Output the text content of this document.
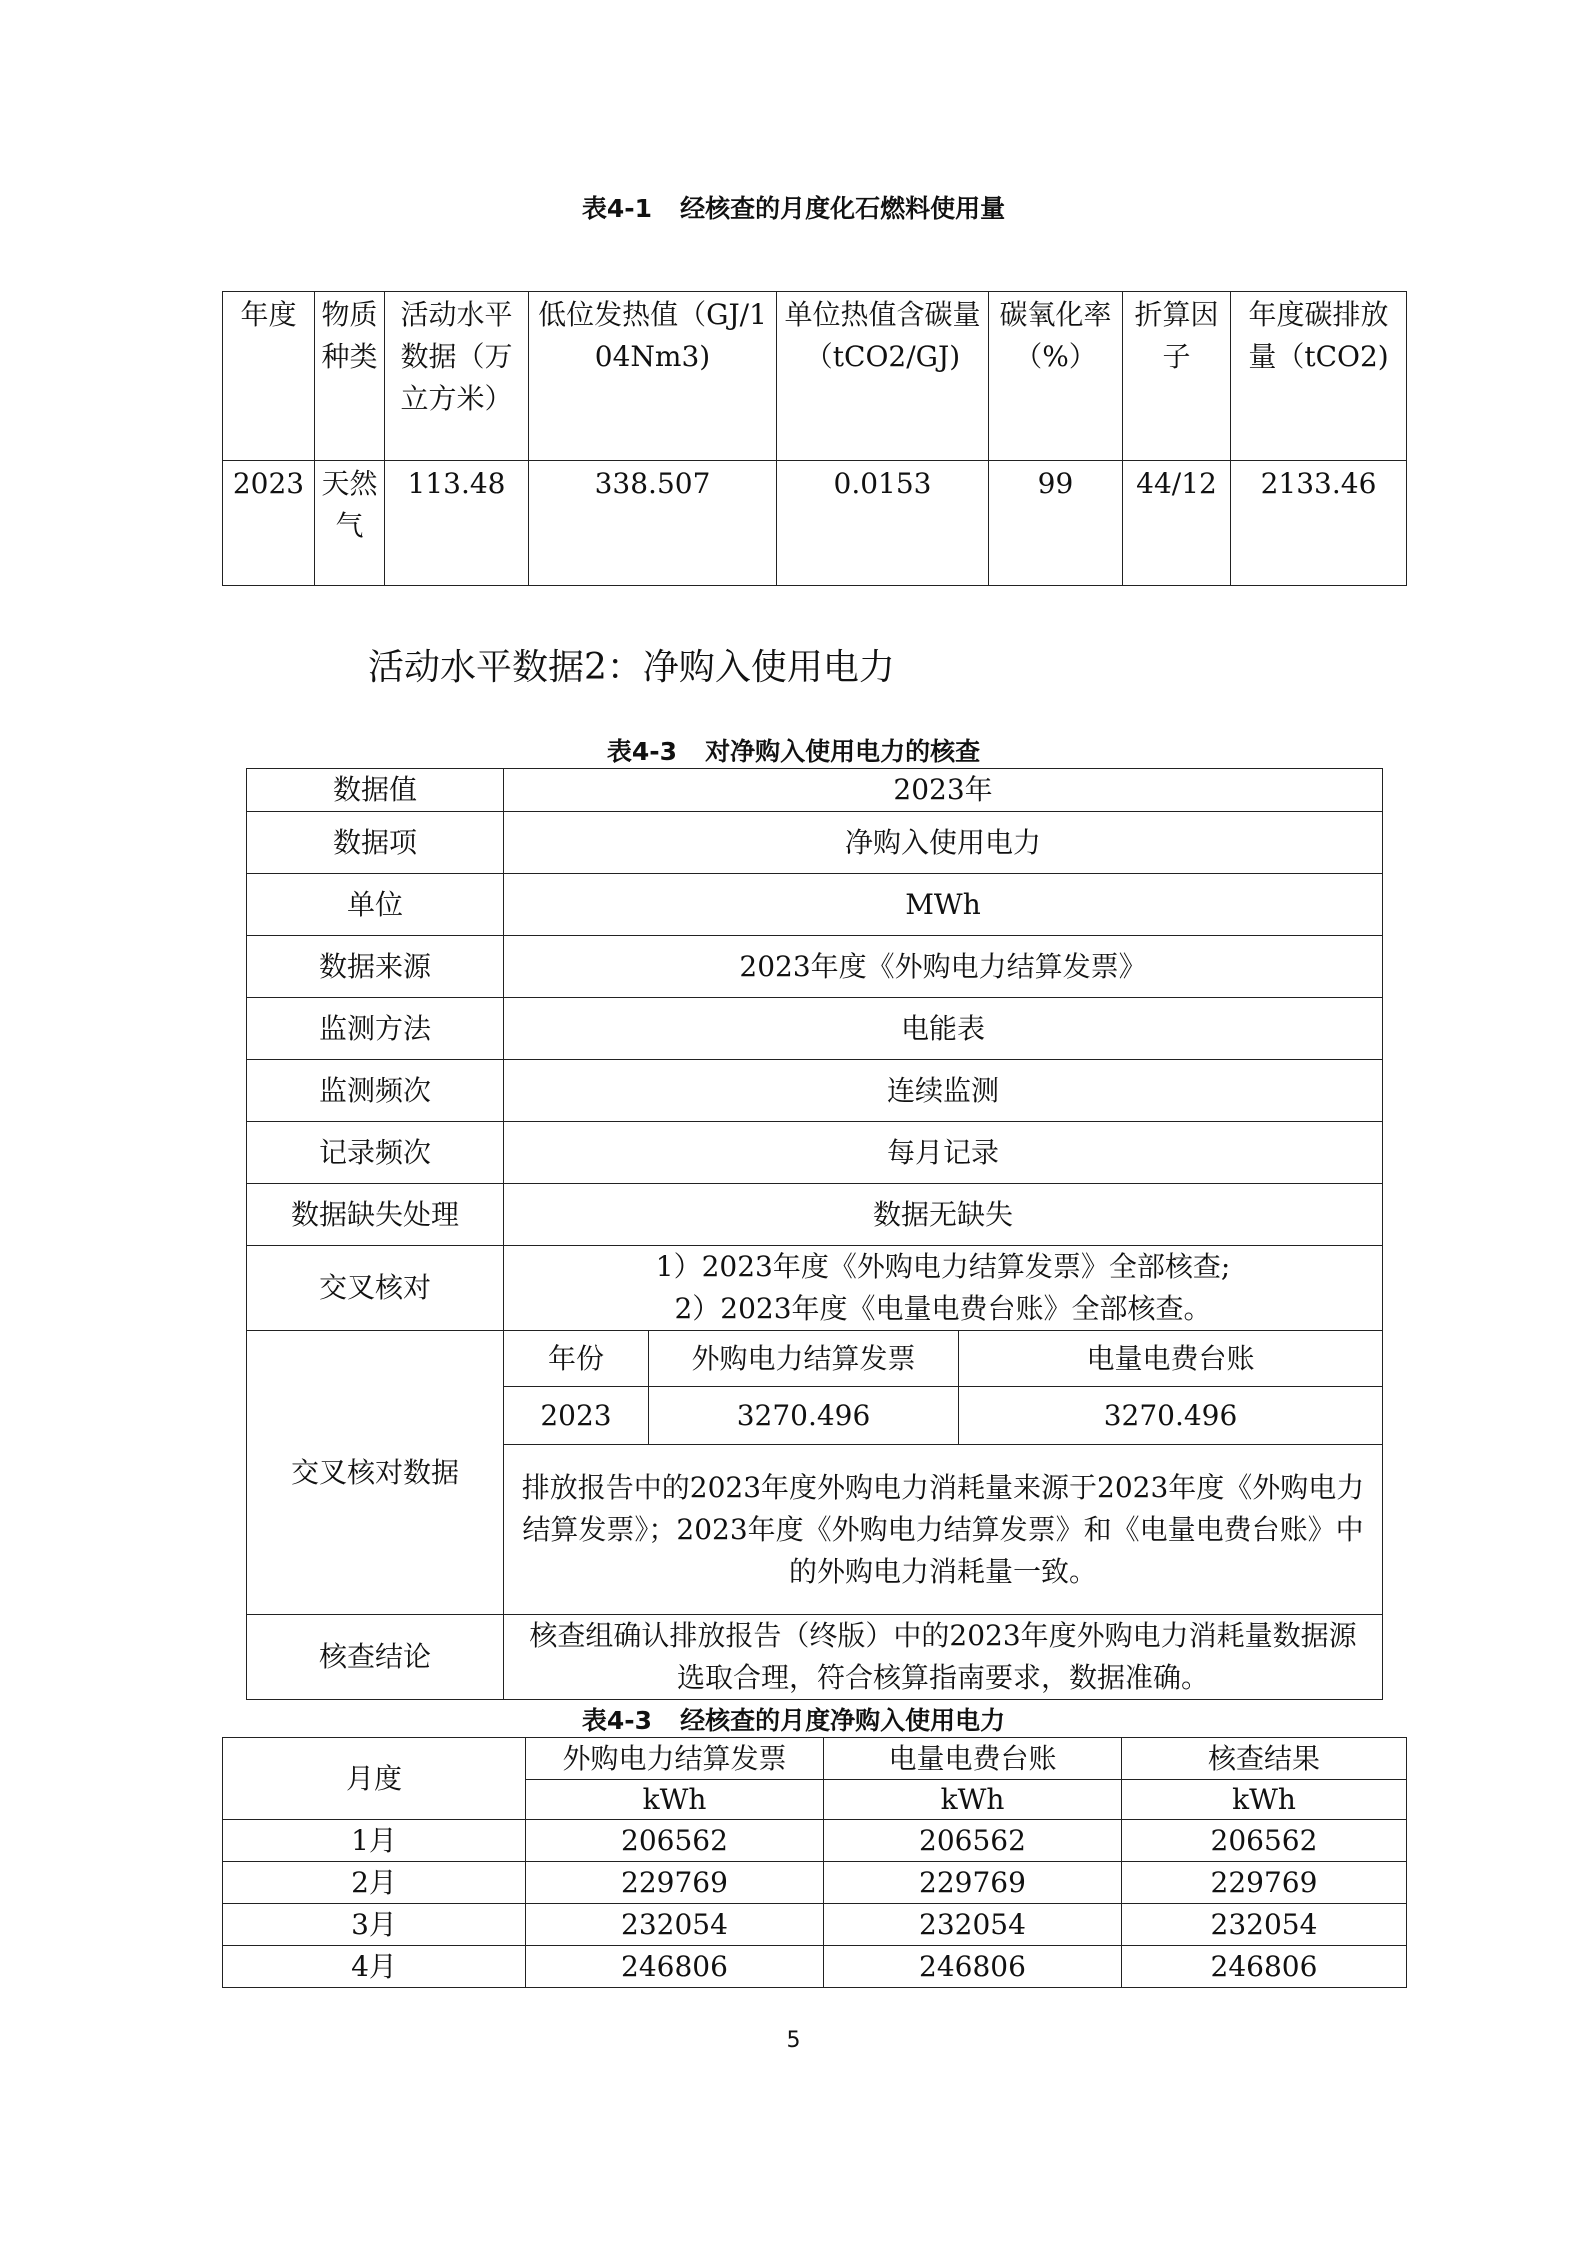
表4-1 经核查的月度化石燃料使用量
年度	物质种类	活动水平数据（万立方米）	低位发热值（GJ/104Nm3)	单位热值含碳量（tCO2/GJ)	碳氧化率（%）	折算因子	年度碳排放量（tCO2)
2023	天然气	113.48	338.507	0.0153	99	44/12	2133.46
活动水平数据2：净购入使用电力
表4-3 对净购入使用电力的核查
数据值	2023年		
数据项	净购入使用电力		
单位	MWh		
数据来源	2023年度《外购电力结算发票》		
监测方法	电能表		
监测频次	连续监测		
记录频次	每月记录		
数据缺失处理	数据无缺失		
交叉核对	1）2023年度《外购电力结算发票》全部核查;
2）2023年度《电量电费台账》全部核查。		

交叉核对数据	年份	外购电力结算发票	电量电费台账
	2023	3270.496	3270.496
	排放报告中的2023年度外购电力消耗量来源于2023年度《外购电力结算发票》；2023年度《外购电力结算发票》和《电量电费台账》中的外购电力消耗量一致。		
核查结论	核查组确认排放报告（终版）中的2023年度外购电力消耗量数据源选取合理，符合核算指南要求，数据准确。		
表4-3 经核查的月度净购入使用电力
月度	外购电力结算发票	电量电费台账	核查结果
	kWh	kWh	kWh
1月	206562	206562	206562
2月	229769	229769	229769
3月	232054	232054	232054
4月	246806	246806	246806
5
